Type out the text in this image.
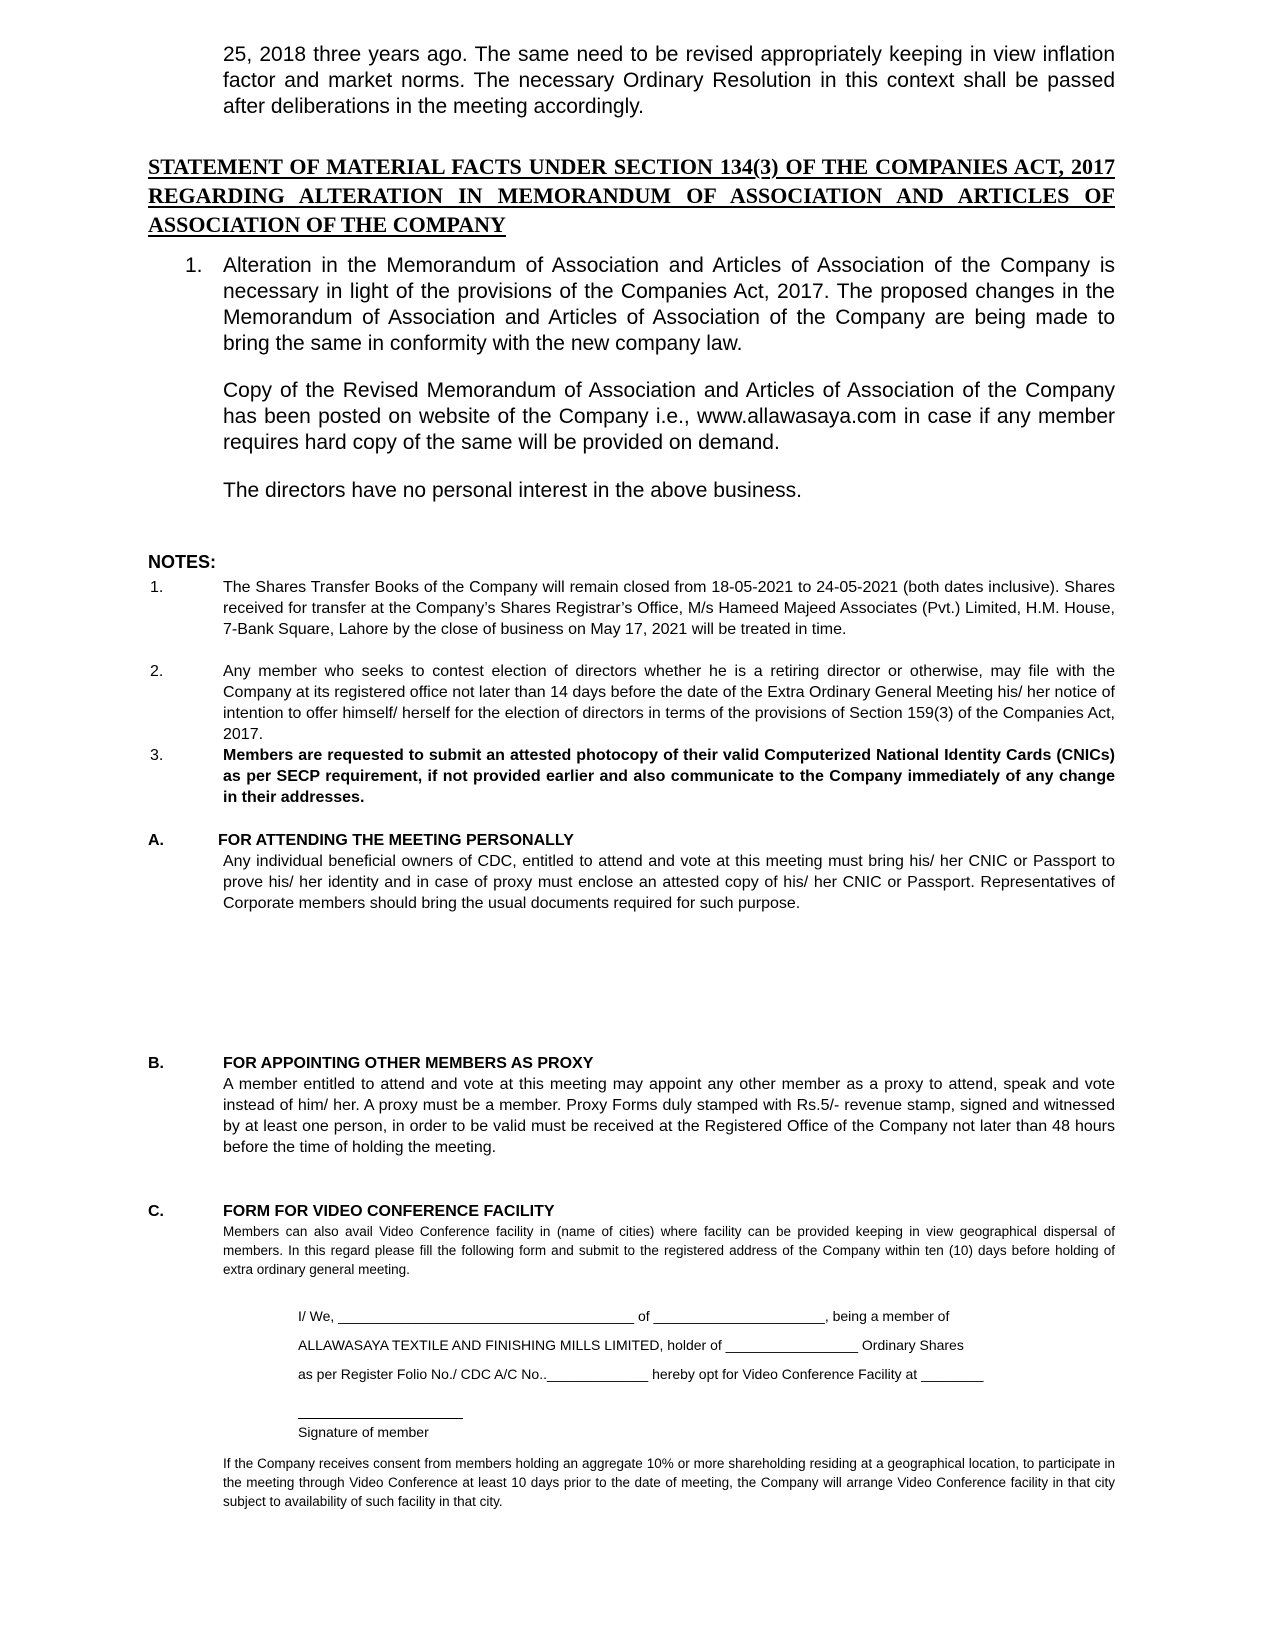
25, 2018 three years ago. The same need to be revised appropriately keeping in view inflation factor and market norms. The necessary Ordinary Resolution in this context shall be passed after deliberations in the meeting accordingly.
STATEMENT OF MATERIAL FACTS UNDER SECTION 134(3) OF THE COMPANIES ACT, 2017 REGARDING ALTERATION IN MEMORANDUM OF ASSOCIATION AND ARTICLES OF ASSOCIATION OF THE COMPANY
1. Alteration in the Memorandum of Association and Articles of Association of the Company is necessary in light of the provisions of the Companies Act, 2017. The proposed changes in the Memorandum of Association and Articles of Association of the Company are being made to bring the same in conformity with the new company law.
Copy of the Revised Memorandum of Association and Articles of Association of the Company has been posted on website of the Company i.e., www.allawasaya.com in case if any member requires hard copy of the same will be provided on demand.
The directors have no personal interest in the above business.
NOTES:
1.	The Shares Transfer Books of the Company will remain closed from 18-05-2021 to 24-05-2021 (both dates inclusive). Shares received for transfer at the Company’s Shares Registrar’s Office, M/s Hameed Majeed Associates (Pvt.) Limited, H.M. House, 7-Bank Square, Lahore by the close of business on May 17, 2021 will be treated in time.
2.	Any member who seeks to contest election of directors whether he is a retiring director or otherwise, may file with the Company at its registered office not later than 14 days before the date of the Extra Ordinary General Meeting his/ her notice of intention to offer himself/ herself for the election of directors in terms of the provisions of Section 159(3) of the Companies Act, 2017.
3.	Members are requested to submit an attested photocopy of their valid Computerized National Identity Cards (CNICs) as per SECP requirement, if not provided earlier and also communicate to the Company immediately of any change in their addresses.
A.	FOR ATTENDING THE MEETING PERSONALLY
Any individual beneficial owners of CDC, entitled to attend and vote at this meeting must bring his/ her CNIC or Passport to prove his/ her identity and in case of proxy must enclose an attested copy of his/ her CNIC or Passport. Representatives of Corporate members should bring the usual documents required for such purpose.
B.	FOR APPOINTING OTHER MEMBERS AS PROXY
A member entitled to attend and vote at this meeting may appoint any other member as a proxy to attend, speak and vote instead of him/ her. A proxy must be a member. Proxy Forms duly stamped with Rs.5/- revenue stamp, signed and witnessed by at least one person, in order to be valid must be received at the Registered Office of the Company not later than 48 hours before the time of holding the meeting.
C.	FORM FOR VIDEO CONFERENCE FACILITY
Members can also avail Video Conference facility in (name of cities) where facility can be provided keeping in view geographical dispersal of members. In this regard please fill the following form and submit to the registered address of the Company within ten (10) days before holding of extra ordinary general meeting.
I/ We, ______________________________________ of ______________________, being a member of
ALLAWASAYA TEXTILE AND FINISHING MILLS LIMITED, holder of _________________ Ordinary Shares
as per Register Folio No./ CDC A/C No.._____________ hereby opt for Video Conference Facility at ________
Signature of member
If the Company receives consent from members holding an aggregate 10% or more shareholding residing at a geographical location, to participate in the meeting through Video Conference at least 10 days prior to the date of meeting, the Company will arrange Video Conference facility in that city subject to availability of such facility in that city.
